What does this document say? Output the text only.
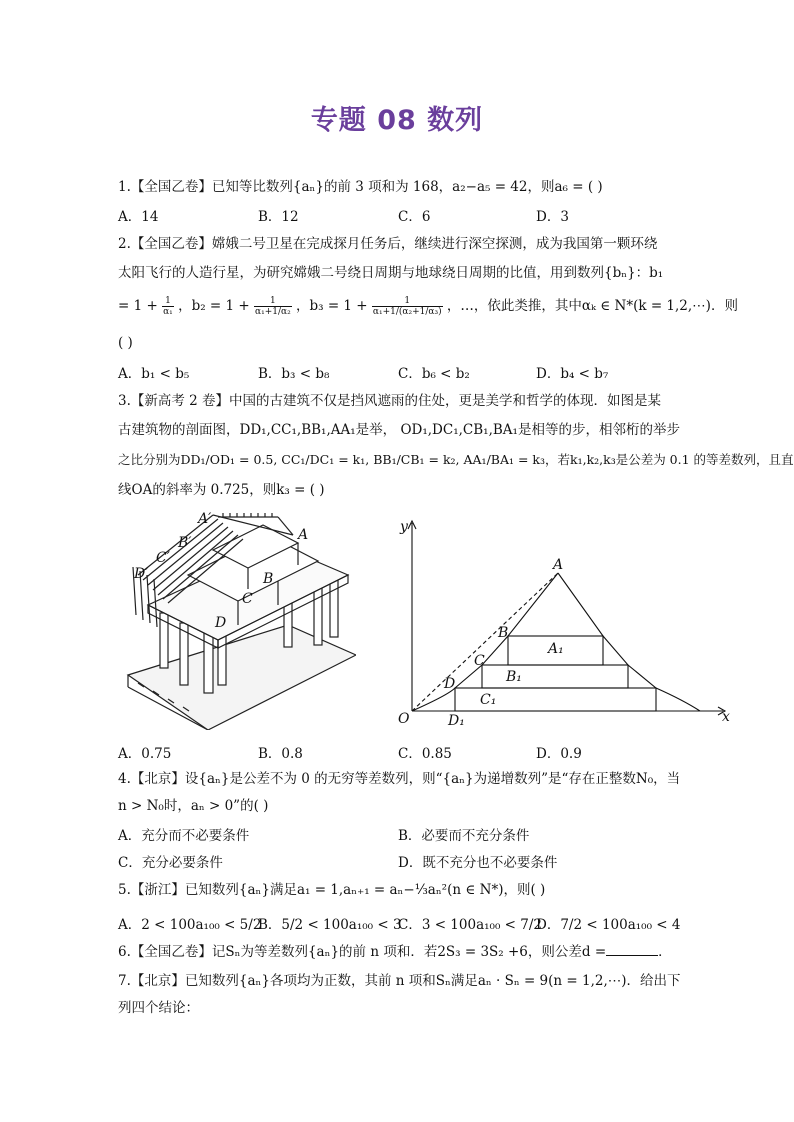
专题 08 数列
1.【全国乙卷】已知等比数列{aₙ}的前 3 项和为 168，a₂−a₅ = 42，则a₆ = ( )
A．14	B．12	C．6	D．3
2.【全国乙卷】嫦娥二号卫星在完成探月任务后，继续进行深空探测，成为我国第一颗环绕
太阳飞行的人造行星，为研究嫦娥二号绕日周期与地球绕日周期的比值，用到数列{bₙ}：b₁
= $1 + \frac{1}{\text{α₁}}$ ，$b_2 = 1 + \frac{1}{\text{α₁+1/α₂}}$ ，$b_3 = 1 + \frac{1}{\text{α₁+1/(α₂+1/α₃)}}$ ，…，依此类推，其中αₖ ∈ N*(k = 1,2,⋯)．则
( )
A．b₁ < b₅	B．b₃ < b₈	C．b₆ < b₂	D．b₄ < b₇
3.【新高考 2 卷】中国的古建筑不仅是挡风遮雨的住处，更是美学和哲学的体现．如图是某
古建筑物的剖面图，DD₁,CC₁,BB₁,AA₁是举， OD₁,DC₁,CB₁,BA₁是相等的步，相邻桁的举步
之比分别为DD₁/OD₁ = 0.5, CC₁/DC₁ = k₁, BB₁/CB₁ = k₂, AA₁/BA₁ = k₃，若k₁,k₂,k₃是公差为 0.1 的等差数列，且直
线OA的斜率为 0.725，则k₃ = ( )
A′
A
B′
B
C′
C
D′
D
y
A
B
A₁
C
B₁
D
C₁
O	D₁	x
A．0.75	B．0.8	C．0.85	D．0.9
4.【北京】设{aₙ}是公差不为 0 的无穷等差数列，则“{aₙ}为递增数列”是“存在正整数N₀，当
n > N₀时，aₙ > 0”的( )
A．充分而不必要条件	B．必要而不充分条件
C．充分必要条件	D．既不充分也不必要条件
5.【浙江】已知数列{aₙ}满足a₁ = 1,aₙ₊₁ = aₙ−⅓aₙ²(n ∈ N*)，则( )
A．2 < 100a₁₀₀ < 5/2
B．5/2 < 100a₁₀₀ < 3
C．3 < 100a₁₀₀ < 7/2
D．7/2 < 100a₁₀₀ < 4
6.【全国乙卷】记Sₙ为等差数列{aₙ}的前 n 项和．若2S₃ = 3S₂ +6，则公差d =	．
7.【北京】已知数列{aₙ}各项均为正数，其前 n 项和Sₙ满足aₙ · Sₙ = 9(n = 1,2,⋯)．给出下
列四个结论：
